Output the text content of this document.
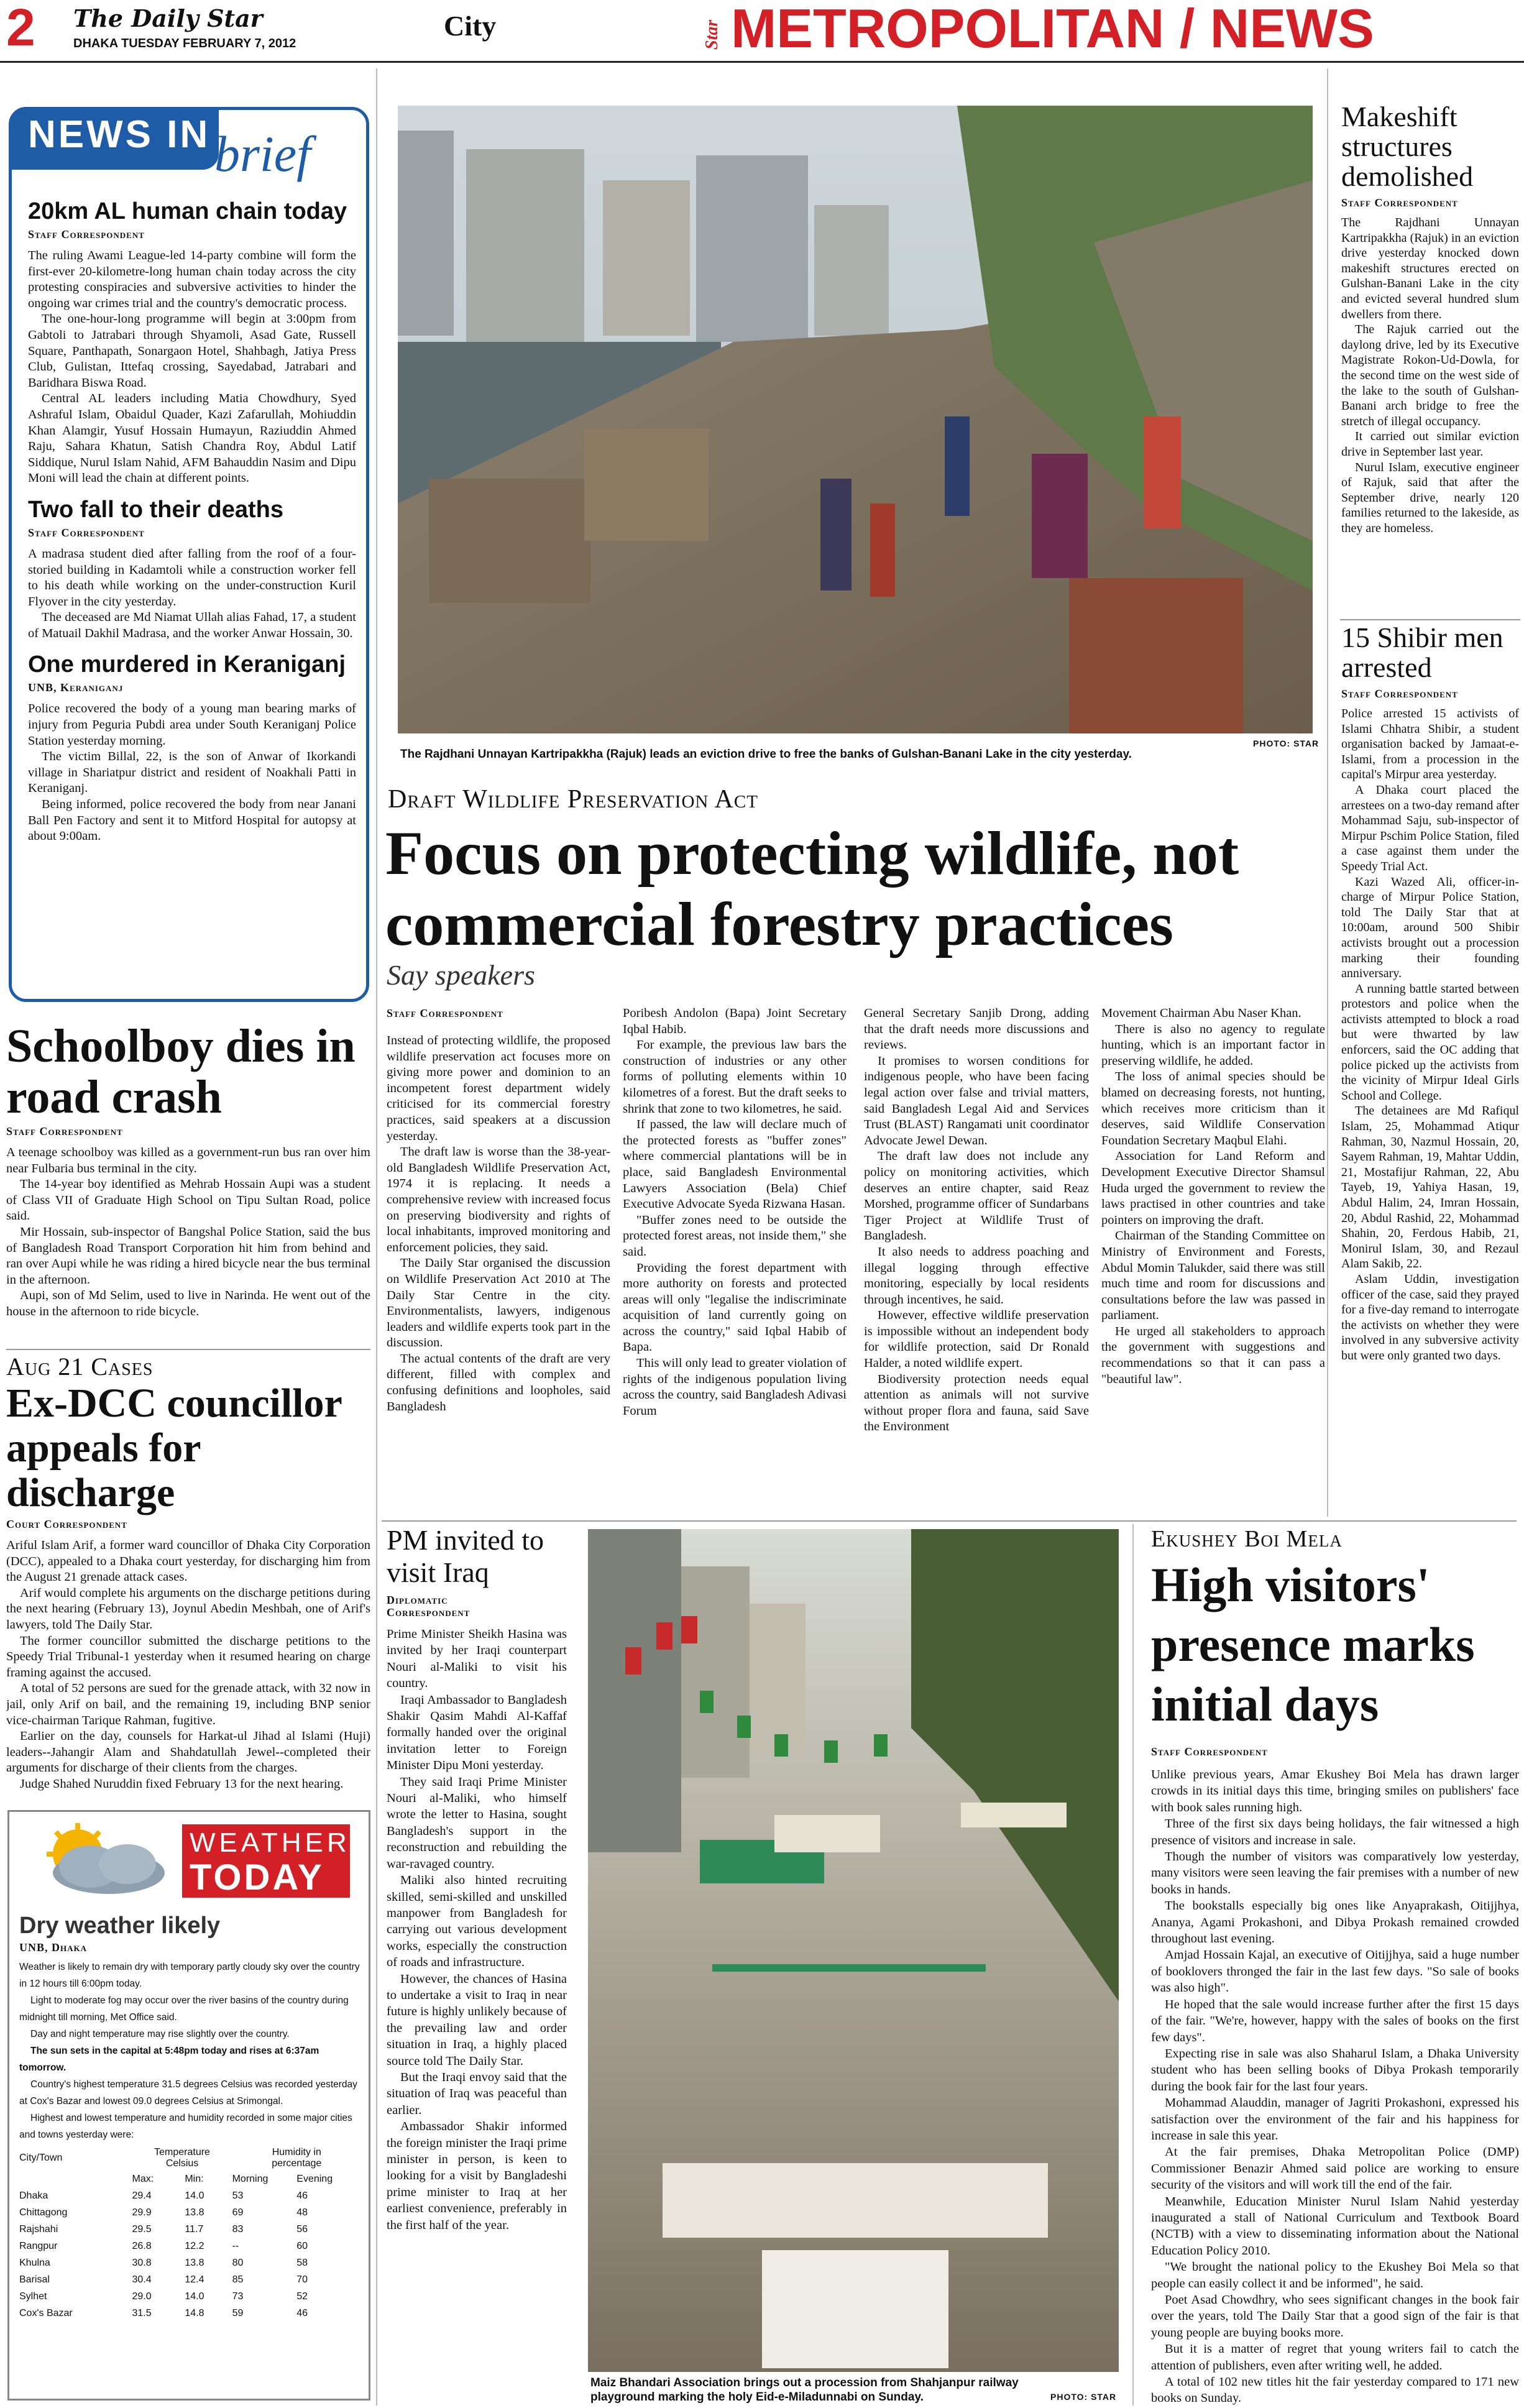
2 The Daily Star
DHAKA TUESDAY FEBRUARY 7, 2012
City	Star METROPOLITAN / NEWS
NEWS IN brief
20km AL human chain today
Staff Correspondent

The ruling Awami League-led 14-party combine will form the first-ever 20-kilometre-long human chain today across the city protesting conspiracies and subversive activities to hinder the ongoing war crimes trial and the country's democratic process.

The one-hour-long programme will begin at 3:00pm from Gabtoli to Jatrabari through Shyamoli, Asad Gate, Russell Square, Panthapath, Sonargaon Hotel, Shahbagh, Jatiya Press Club, Gulistan, Ittefaq crossing, Sayedabad, Jatrabari and Baridhara Biswa Road.

Central AL leaders including Matia Chowdhury, Syed Ashraful Islam, Obaidul Quader, Kazi Zafarullah, Mohiuddin Khan Alamgir, Yusuf Hossain Humayun, Raziuddin Ahmed Raju, Sahara Khatun, Satish Chandra Roy, Abdul Latif Siddique, Nurul Islam Nahid, AFM Bahauddin Nasim and Dipu Moni will lead the chain at different points.

Two fall to their deaths
Staff Correspondent

A madrasa student died after falling from the roof of a four-storied building in Kadamtoli while a construction worker fell to his death while working on the under-construction Kuril Flyover in the city yesterday.

The deceased are Md Niamat Ullah alias Fahad, 17, a student of Matuail Dakhil Madrasa, and the worker Anwar Hossain, 30.

One murdered in Keraniganj
UNB, Keraniganj

Police recovered the body of a young man bearing marks of injury from Peguria Pubdi area under South Keraniganj Police Station yesterday morning.

The victim Billal, 22, is the son of Anwar of Ikorkandi village in Shariatpur district and resident of Noakhali Patti in Keraniganj.

Being informed, police recovered the body from near Janani Ball Pen Factory and sent it to Mitford Hospital for autopsy at about 9:00am.

Schoolboy dies in road crash
Staff Correspondent

A teenage schoolboy was killed as a government-run bus ran over him near Fulbaria bus terminal in the city.

The 14-year boy identified as Mehrab Hossain Aupi was a student of Class VII of Graduate High School on Tipu Sultan Road, police said.

Mir Hossain, sub-inspector of Bangshal Police Station, said the bus of Bangladesh Road Transport Corporation hit him from behind and ran over Aupi while he was riding a hired bicycle near the bus terminal in the afternoon.

Aupi, son of Md Selim, used to live in Narinda. He went out of the house in the afternoon to ride bicycle.

Aug 21 Cases
Ex-DCC councillor appeals for discharge
Court Correspondent

Ariful Islam Arif, a former ward councillor of Dhaka City Corporation (DCC), appealed to a Dhaka court yesterday, for discharging him from the August 21 grenade attack cases.

Arif would complete his arguments on the discharge petitions during the next hearing (February 13), Joynul Abedin Meshbah, one of Arif's lawyers, told The Daily Star.

The former councillor submitted the discharge petitions to the Speedy Trial Tribunal-1 yesterday when it resumed hearing on charge framing against the accused.

A total of 52 persons are sued for the grenade attack, with 32 now in jail, only Arif on bail, and the remaining 19, including BNP senior vice-chairman Tarique Rahman, fugitive.

Earlier on the day, counsels for Harkat-ul Jihad al Islami (Huji) leaders--Jahangir Alam and Shahdatullah Jewel--completed their arguments for discharge of their clients from the charges.

Judge Shahed Nuruddin fixed February 13 for the next hearing.

WEATHER
TODAY
Dry weather likely
UNB, Dhaka

Weather is likely to remain dry with temporary partly cloudy sky over the country in 12 hours till 6:00pm today.

Light to moderate fog may occur over the river basins of the country during midnight till morning, Met Office said.

Day and night temperature may rise slightly over the country.

The sun sets in the capital at 5:48pm today and rises at 6:37am tomorrow.

Country's highest temperature 31.5 degrees Celsius was recorded yesterday at Cox's Bazar and lowest 09.0 degrees Celsius at Srimongal.

Highest and lowest temperature and humidity recorded in some major cities and towns yesterday were:

City/Town	Temperature
Celsius		Humidity in
percentage	
	Max:	Min:	Morning	Evening
Dhaka	29.4	14.0	53	46
Chittagong	29.9	13.8	69	48
Rajshahi	29.5	11.7	83	56
Rangpur	26.8	12.2	--	60
Khulna	30.8	13.8	80	58
Barisal	30.4	12.4	85	70
Sylhet	29.0	14.0	73	52
Cox's Bazar	31.5	14.8	59	46
The Rajdhani Unnayan Kartripakkha (Rajuk) leads an eviction drive to free the banks of Gulshan-Banani Lake in the city yesterday.
PHOTO: STAR
Draft Wildlife Preservation Act
Focus on protecting wildlife, not commercial forestry practices
Say speakers
Staff Correspondent

Instead of protecting wildlife, the proposed wildlife preservation act focuses more on giving more power and dominion to an incompetent forest department widely criticised for its commercial forestry practices, said speakers at a discussion yesterday.

The draft law is worse than the 38-year-old Bangladesh Wildlife Preservation Act, 1974 it is replacing. It needs a comprehensive review with increased focus on preserving biodiversity and rights of local inhabitants, improved monitoring and enforcement policies, they said.

The Daily Star organised the discussion on Wildlife Preservation Act 2010 at The Daily Star Centre in the city. Environmentalists, lawyers, indigenous leaders and wildlife experts took part in the discussion.

The actual contents of the draft are very different, filled with complex and confusing definitions and loopholes, said Bangladesh

Poribesh Andolon (Bapa) Joint Secretary Iqbal Habib.

For example, the previous law bars the construction of industries or any other forms of polluting elements within 10 kilometres of a forest. But the draft seeks to shrink that zone to two kilometres, he said.

If passed, the law will declare much of the protected forests as "buffer zones" where commercial plantations will be in place, said Bangladesh Environmental Lawyers Association (Bela) Chief Executive Advocate Syeda Rizwana Hasan.

"Buffer zones need to be outside the protected forest areas, not inside them," she said.

Providing the forest department with more authority on forests and protected areas will only "legalise the indiscriminate acquisition of land currently going on across the country," said Iqbal Habib of Bapa.

This will only lead to greater violation of rights of the indigenous population living across the country, said Bangladesh Adivasi Forum

General Secretary Sanjib Drong, adding that the draft needs more discussions and reviews.

It promises to worsen conditions for indigenous people, who have been facing legal action over false and trivial matters, said Bangladesh Legal Aid and Services Trust (BLAST) Rangamati unit coordinator Advocate Jewel Dewan.

The draft law does not include any policy on monitoring activities, which deserves an entire chapter, said Reaz Morshed, programme officer of Sundarbans Tiger Project at Wildlife Trust of Bangladesh.

It also needs to address poaching and illegal logging through effective monitoring, especially by local residents through incentives, he said.

However, effective wildlife preservation is impossible without an independent body for wildlife protection, said Dr Ronald Halder, a noted wildlife expert.

Biodiversity protection needs equal attention as animals will not survive without proper flora and fauna, said Save the Environment

Movement Chairman Abu Naser Khan.

There is also no agency to regulate hunting, which is an important factor in preserving wildlife, he added.

The loss of animal species should be blamed on decreasing forests, not hunting, which receives more criticism than it deserves, said Wildlife Conservation Foundation Secretary Maqbul Elahi.

Association for Land Reform and Development Executive Director Shamsul Huda urged the government to review the laws practised in other countries and take pointers on improving the draft.

Chairman of the Standing Committee on Ministry of Environment and Forests, Abdul Momin Talukder, said there was still much time and room for discussions and consultations before the law was passed in parliament.

He urged all stakeholders to approach the government with suggestions and recommendations so that it can pass a "beautiful law".

Makeshift structures demolished
Staff Correspondent

The Rajdhani Unnayan Kartripakkha (Rajuk) in an eviction drive yesterday knocked down makeshift structures erected on Gulshan-Banani Lake in the city and evicted several hundred slum dwellers from there.

The Rajuk carried out the daylong drive, led by its Executive Magistrate Rokon-Ud-Dowla, for the second time on the west side of the lake to the south of Gulshan-Banani arch bridge to free the stretch of illegal occupancy.

It carried out similar eviction drive in September last year.

Nurul Islam, executive engineer of Rajuk, said that after the September drive, nearly 120 families returned to the lakeside, as they are homeless.

15 Shibir men arrested
Staff Correspondent

Police arrested 15 activists of Islami Chhatra Shibir, a student organisation backed by Jamaat-e-Islami, from a procession in the capital's Mirpur area yesterday.

A Dhaka court placed the arrestees on a two-day remand after Mohammad Saju, sub-inspector of Mirpur Pschim Police Station, filed a case against them under the Speedy Trial Act.

Kazi Wazed Ali, officer-in-charge of Mirpur Police Station, told The Daily Star that at 10:00am, around 500 Shibir activists brought out a procession marking their founding anniversary.

A running battle started between protestors and police when the activists attempted to block a road but were thwarted by law enforcers, said the OC adding that police picked up the activists from the vicinity of Mirpur Ideal Girls School and College.

The detainees are Md Rafiqul Islam, 25, Mohammad Atiqur Rahman, 30, Nazmul Hossain, 20, Sayem Rahman, 19, Mahtar Uddin, 21, Mostafijur Rahman, 22, Abu Tayeb, 19, Yahiya Hasan, 19, Abdul Halim, 24, Imran Hossain, 20, Abdul Rashid, 22, Mohammad Shahin, 20, Ferdous Habib, 21, Monirul Islam, 30, and Rezaul Alam Sakib, 22.

Aslam Uddin, investigation officer of the case, said they prayed for a five-day remand to interrogate the activists on whether they were involved in any subversive activity but were only granted two days.

PM invited to visit Iraq
Diplomatic Correspondent

Prime Minister Sheikh Hasina was invited by her Iraqi counterpart Nouri al-Maliki to visit his country.

Iraqi Ambassador to Bangladesh Shakir Qasim Mahdi Al-Kaffaf formally handed over the original invitation letter to Foreign Minister Dipu Moni yesterday.

They said Iraqi Prime Minister Nouri al-Maliki, who himself wrote the letter to Hasina, sought Bangladesh's support in the reconstruction and rebuilding the war-ravaged country.

Maliki also hinted recruiting skilled, semi-skilled and unskilled manpower from Bangladesh for carrying out various development works, especially the construction of roads and infrastructure.

However, the chances of Hasina to undertake a visit to Iraq in near future is highly unlikely because of the prevailing law and order situation in Iraq, a highly placed source told The Daily Star.

But the Iraqi envoy said that the situation of Iraq was peaceful than earlier.

Ambassador Shakir informed the foreign minister the Iraqi prime minister in person, is keen to looking for a visit by Bangladeshi prime minister to Iraq at her earliest convenience, preferably in the first half of the year.

Maiz Bhandari Association brings out a procession from Shahjanpur railway playground marking the holy Eid-e-Miladunnabi on Sunday.	PHOTO: STAR
Ekushey Boi Mela
High visitors' presence marks initial days
Staff Correspondent

Unlike previous years, Amar Ekushey Boi Mela has drawn larger crowds in its initial days this time, bringing smiles on publishers' face with book sales running high.

Three of the first six days being holidays, the fair witnessed a high presence of visitors and increase in sale.

Though the number of visitors was comparatively low yesterday, many visitors were seen leaving the fair premises with a number of new books in hands.

The bookstalls especially big ones like Anyaprakash, Oitijjhya, Ananya, Agami Prokashoni, and Dibya Prokash remained crowded throughout last evening.

Amjad Hossain Kajal, an executive of Oitijjhya, said a huge number of booklovers thronged the fair in the last few days. "So sale of books was also high".

He hoped that the sale would increase further after the first 15 days of the fair. "We're, however, happy with the sales of books on the first few days".

Expecting rise in sale was also Shaharul Islam, a Dhaka University student who has been selling books of Dibya Prokash temporarily during the book fair for the last four years.

Mohammad Alauddin, manager of Jagriti Prokashoni, expressed his satisfaction over the environment of the fair and his happiness for increase in sale this year.

At the fair premises, Dhaka Metropolitan Police (DMP) Commissioner Benazir Ahmed said police are working to ensure security of the visitors and will work till the end of the fair.

Meanwhile, Education Minister Nurul Islam Nahid yesterday inaugurated a stall of National Curriculum and Textbook Board (NCTB) with a view to disseminating information about the National Education Policy 2010.

"We brought the national policy to the Ekushey Boi Mela so that people can easily collect it and be informed", he said.

Poet Asad Chowdhry, who sees significant changes in the book fair over the years, told The Daily Star that a good sign of the fair is that young people are buying books more.

But it is a matter of regret that young writers fail to catch the attention of publishers, even after writing well, he added.

A total of 102 new titles hit the fair yesterday compared to 171 new books on Sunday.
